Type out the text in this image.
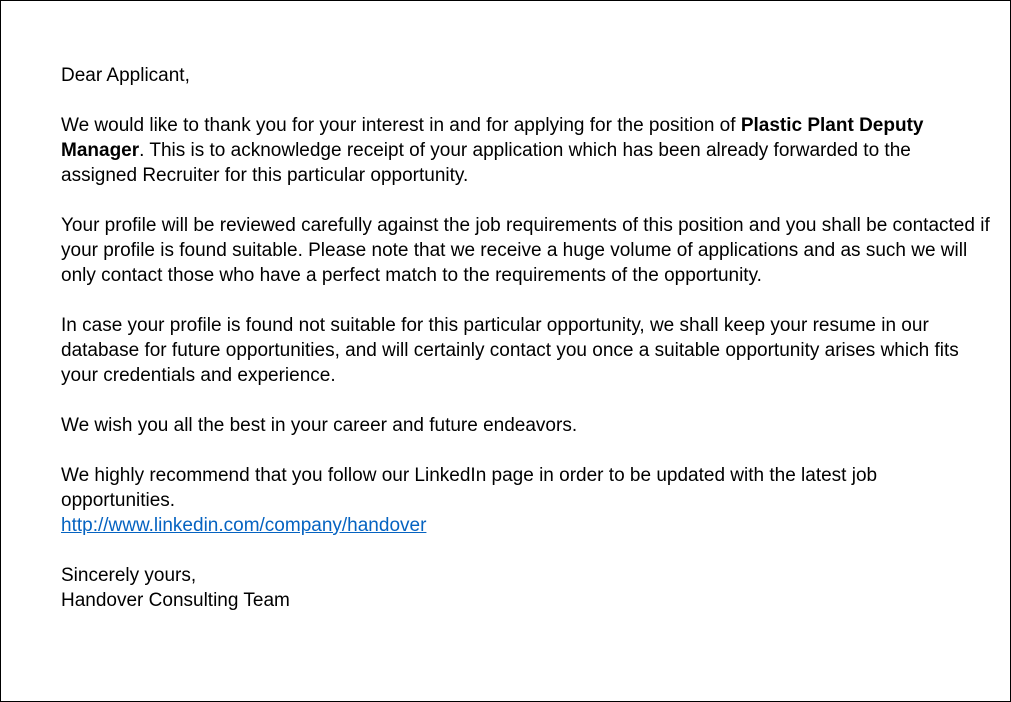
Dear Applicant,

We would like to thank you for your interest in and for applying for the position of Plastic Plant Deputy Manager. This is to acknowledge receipt of your application which has been already forwarded to the assigned Recruiter for this particular opportunity.

Your profile will be reviewed carefully against the job requirements of this position and you shall be contacted if your profile is found suitable. Please note that we receive a huge volume of applications and as such we will only contact those who have a perfect match to the requirements of the opportunity.

In case your profile is found not suitable for this particular opportunity, we shall keep your resume in our database for future opportunities, and will certainly contact you once a suitable opportunity arises which fits your credentials and experience.

We wish you all the best in your career and future endeavors.

We highly recommend that you follow our LinkedIn page in order to be updated with the latest job opportunities.

http://www.linkedin.com/company/handover

Sincerely yours,

Handover Consulting Team
